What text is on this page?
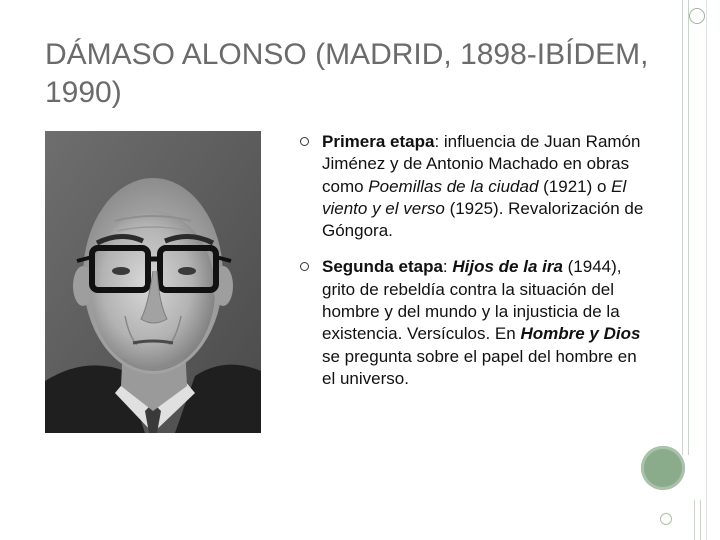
DÁMASO ALONSO (MADRID, 1898-IBÍDEM, 1990)

Primera etapa: influencia de Juan Ramón Jiménez y de Antonio Machado en obras como Poemillas de la ciudad (1921) o El viento y el verso (1925). Revalorización de Góngora.

Segunda etapa: Hijos de la ira (1944), grito de rebeldía contra la situación del hombre y del mundo y la injusticia de la existencia. Versículos. En Hombre y Dios se pregunta sobre el papel del hombre en el universo.
